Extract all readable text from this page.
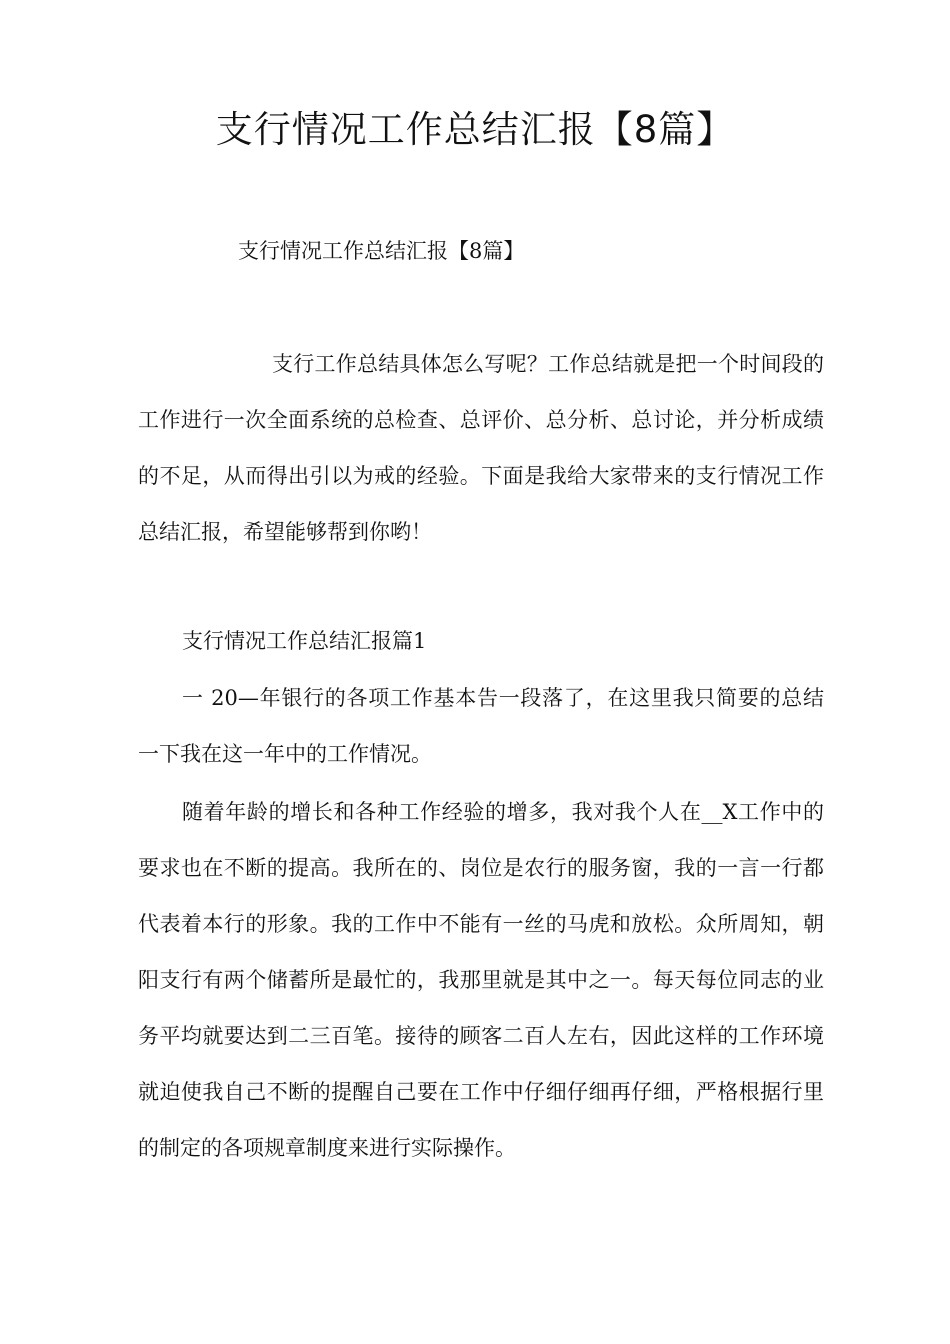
支行情况工作总结汇报【8篇】

支行情况工作总结汇报【8篇】

支行工作总结具体怎么写呢？工作总结就是把一个时间段的工作进行一次全面系统的总检查、总评价、总分析、总讨论，并分析成绩的不足，从而得出引以为戒的经验。下面是我给大家带来的支行情况工作总结汇报，希望能够帮到你哟！

支行情况工作总结汇报篇1

一 20—年银行的各项工作基本告一段落了，在这里我只简要的总结一下我在这一年中的工作情况。

随着年龄的增长和各种工作经验的增多，我对我个人在__X工作中的要求也在不断的提高。我所在的、岗位是农行的服务窗，我的一言一行都代表着本行的形象。我的工作中不能有一丝的马虎和放松。众所周知，朝阳支行有两个储蓄所是最忙的，我那里就是其中之一。每天每位同志的业务平均就要达到二三百笔。接待的顾客二百人左右，因此这样的工作环境就迫使我自己不断的提醒自己要在工作中仔细仔细再仔细，严格根据行里的制定的各项规章制度来进行实际操作。
